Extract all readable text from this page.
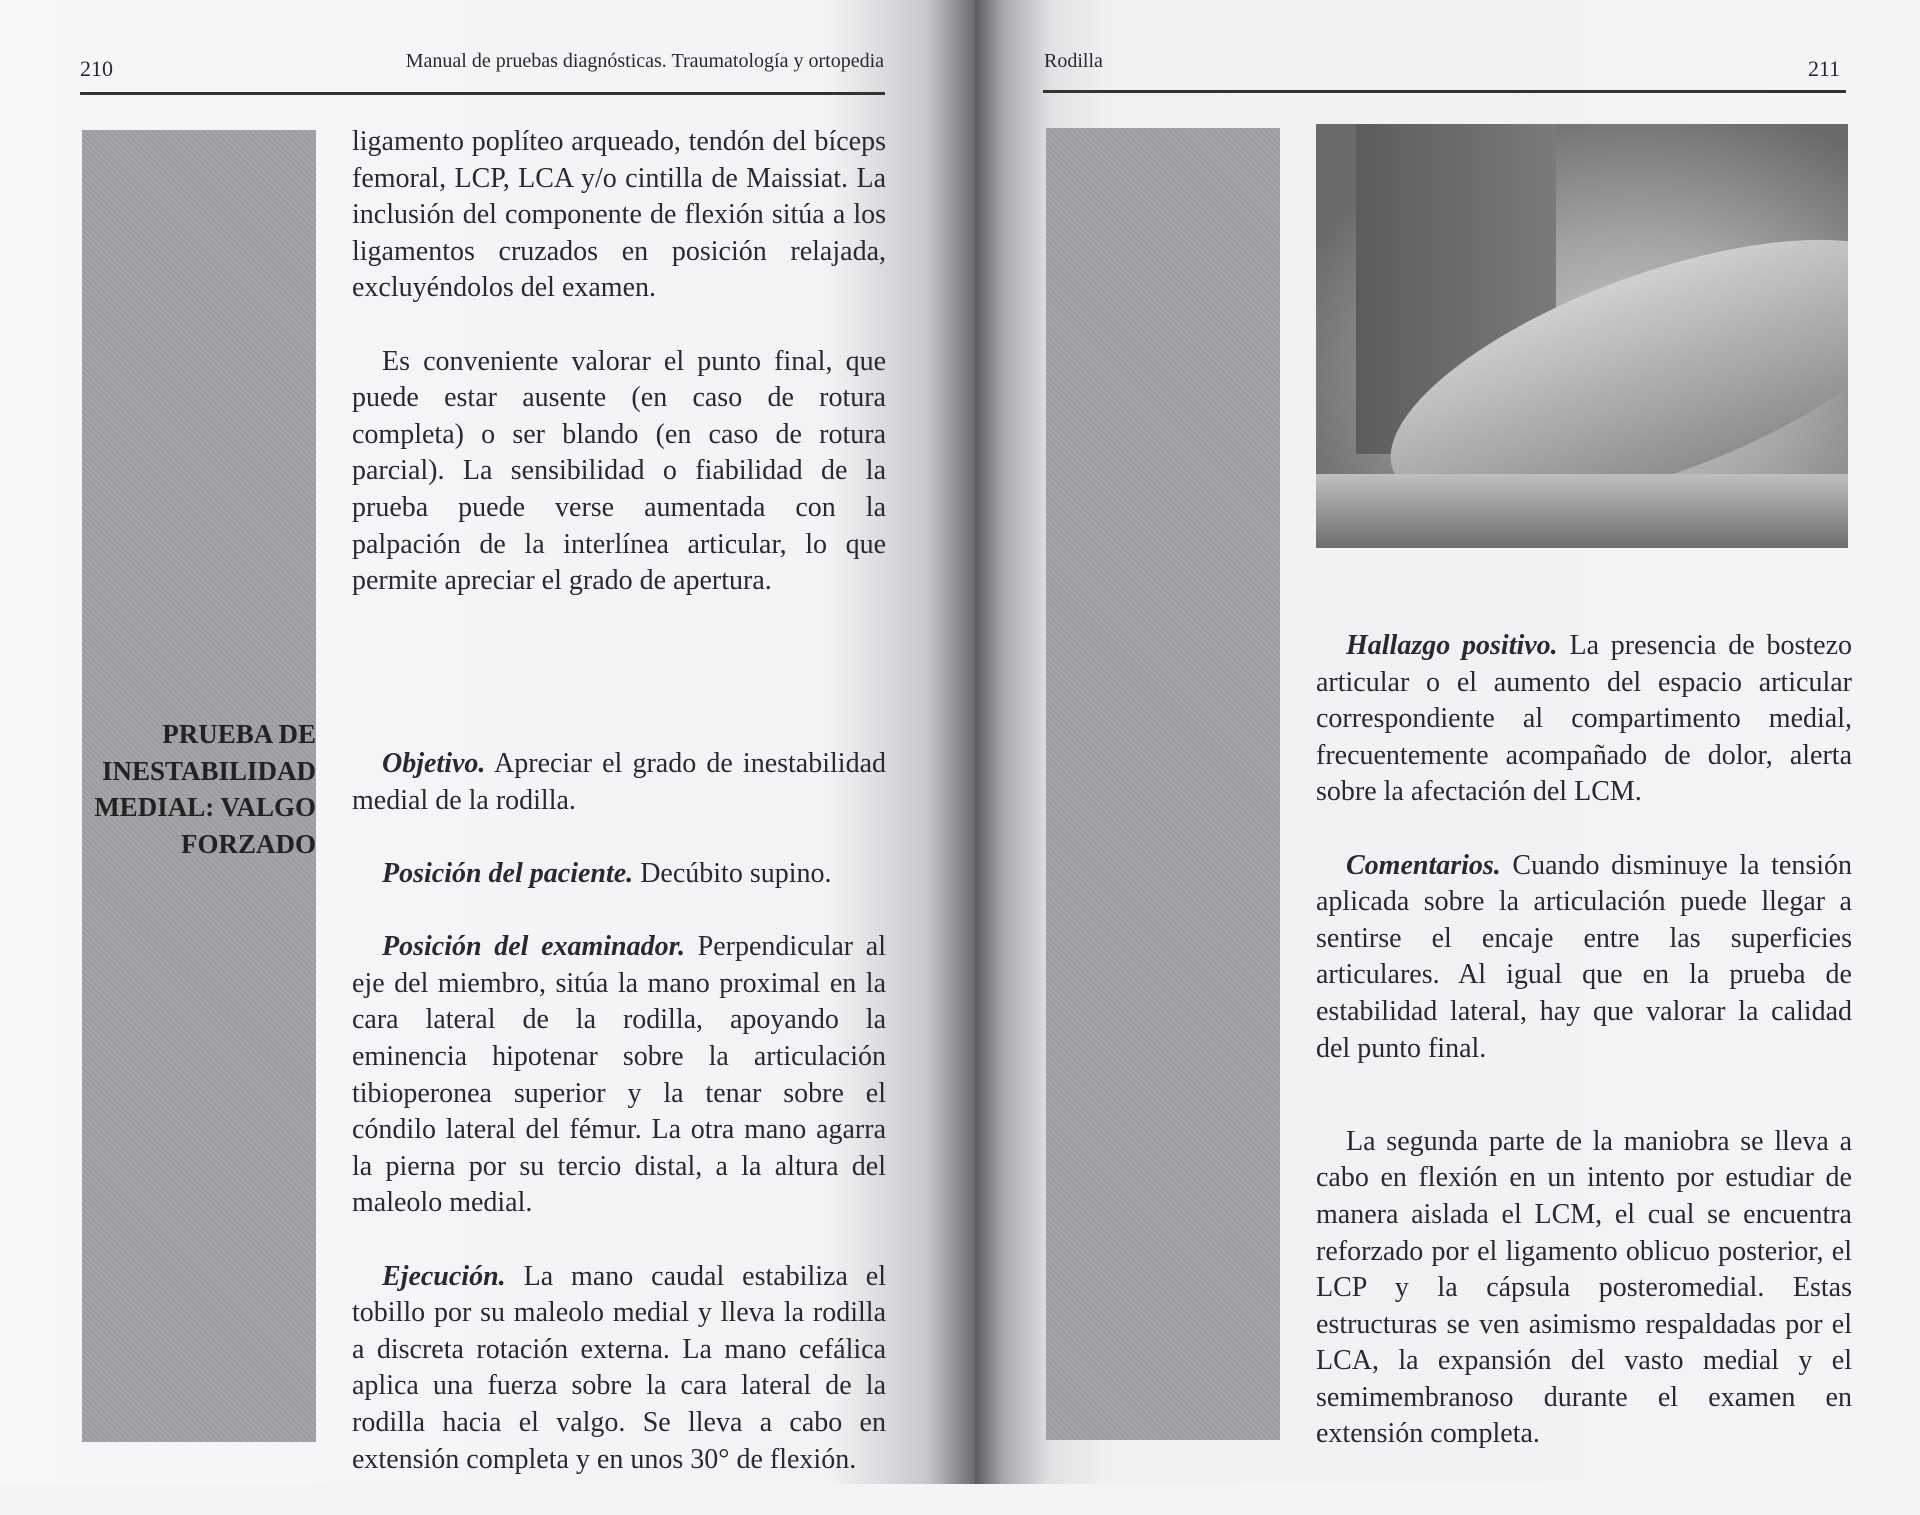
210	Manual de pruebas diagnósticas. Traumatología y ortopedia
PRUEBA DE INESTABILIDAD MEDIAL: VALGO FORZADO

ligamento poplíteo arqueado, tendón del bíceps femoral, LCP, LCA y/o cintilla de Maissiat. La inclusión del componente de flexión sitúa a los ligamentos cruzados en posición relajada, excluyéndolos del examen.

Es conveniente valorar el punto final, que puede estar ausente (en caso de rotura completa) o ser blando (en caso de rotura parcial). La sensibilidad o fiabilidad de la prueba puede verse aumentada con la palpación de la interlínea articular, lo que permite apreciar el grado de apertura.

Objetivo. Apreciar el grado de inestabilidad medial de la rodilla.

Posición del paciente. Decúbito supino.

Posición del examinador. Perpendicular al eje del miembro, sitúa la mano proximal en la cara lateral de la rodilla, apoyando la eminencia hipotenar sobre la articulación tibioperonea superior y la tenar sobre el cóndilo lateral del fémur. La otra mano agarra la pierna por su tercio distal, a la altura del maleolo medial.

Ejecución. La mano caudal estabiliza el tobillo por su maleolo medial y lleva la rodilla a discreta rotación externa. La mano cefálica aplica una fuerza sobre la cara lateral de la rodilla hacia el valgo. Se lleva a cabo en extensión completa y en unos 30° de flexión.

Rodilla	211

Hallazgo positivo. La presencia de bostezo articular o el aumento del espacio articular correspondiente al compartimento medial, frecuentemente acompañado de dolor, alerta sobre la afectación del LCM.

Comentarios. Cuando disminuye la tensión aplicada sobre la articulación puede llegar a sentirse el encaje entre las superficies articulares. Al igual que en la prueba de estabilidad lateral, hay que valorar la calidad del punto final.

La segunda parte de la maniobra se lleva a cabo en flexión en un intento por estudiar de manera aislada el LCM, el cual se encuentra reforzado por el ligamento oblicuo posterior, el LCP y la cápsula posteromedial. Estas estructuras se ven asimismo respaldadas por el LCA, la expansión del vasto medial y el semimembranoso durante el examen en extensión completa.
